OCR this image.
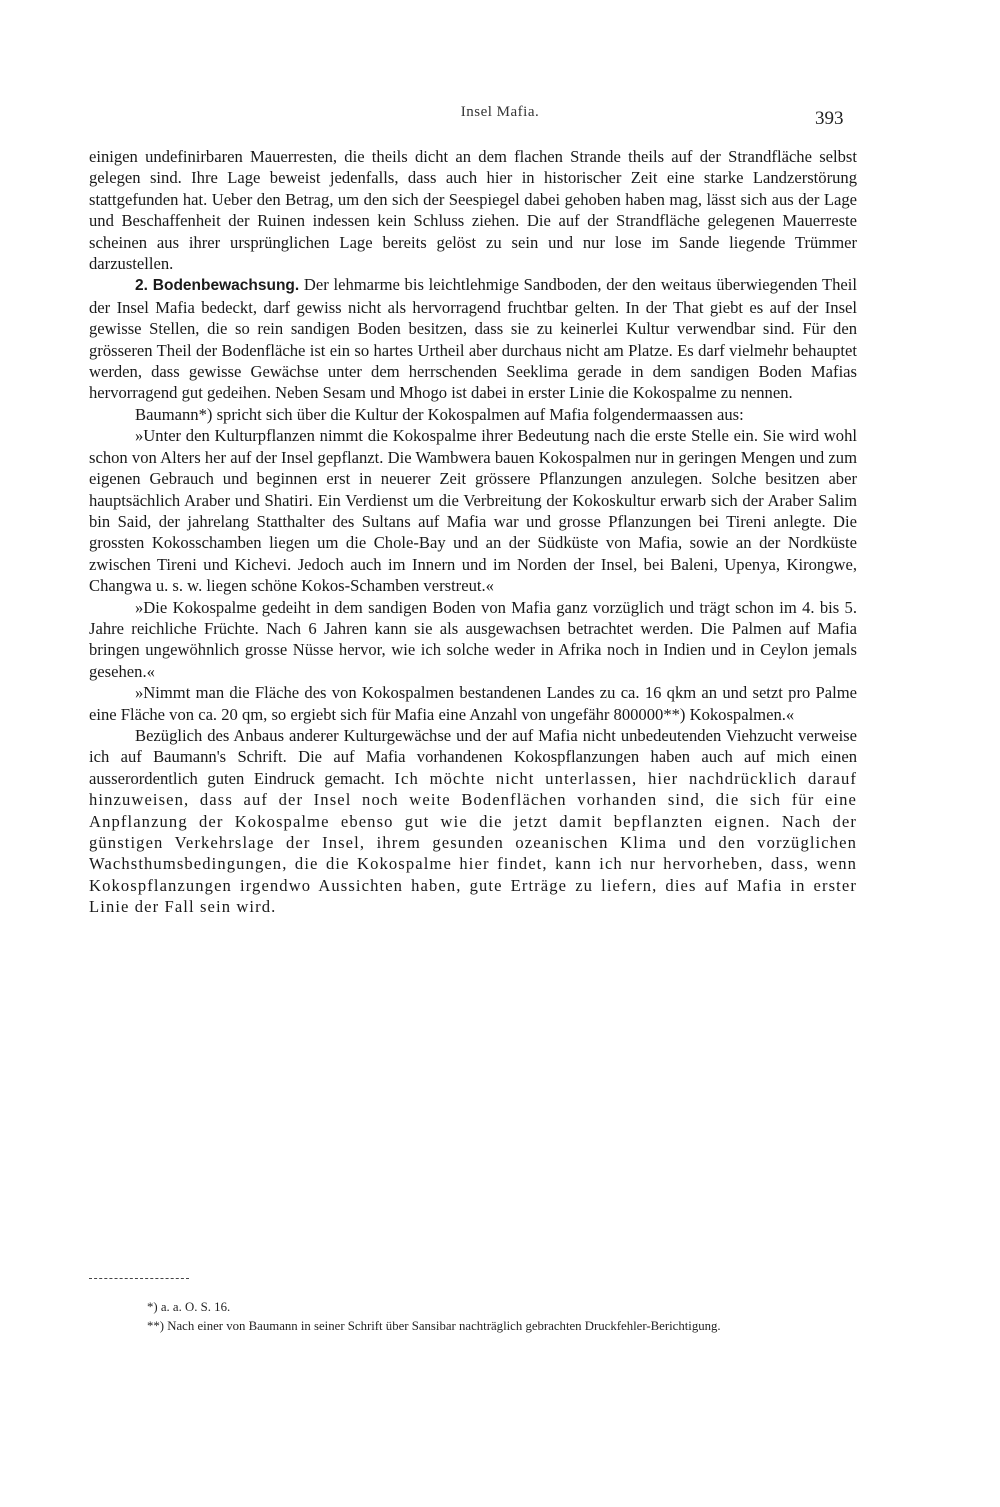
Insel Mafia.	393

einigen undefinirbaren Mauerresten, die theils dicht an dem flachen Strande theils auf der Strandfläche selbst gelegen sind. Ihre Lage beweist jedenfalls, dass auch hier in historischer Zeit eine starke Landzerstörung stattgefunden hat. Ueber den Betrag, um den sich der Seespiegel dabei gehoben haben mag, lässt sich aus der Lage und Beschaffenheit der Ruinen indessen kein Schluss ziehen. Die auf der Strandfläche gelegenen Mauerreste scheinen aus ihrer ursprünglichen Lage bereits gelöst zu sein und nur lose im Sande liegende Trümmer darzustellen.

2. Bodenbewachsung. Der lehmarme bis leichtlehmige Sandboden, der den weitaus überwiegenden Theil der Insel Mafia bedeckt, darf gewiss nicht als hervorragend fruchtbar gelten. In der That giebt es auf der Insel gewisse Stellen, die so rein sandigen Boden besitzen, dass sie zu keinerlei Kultur verwendbar sind. Für den grösseren Theil der Bodenfläche ist ein so hartes Urtheil aber durchaus nicht am Platze. Es darf vielmehr behauptet werden, dass gewisse Gewächse unter dem herrschenden Seeklima gerade in dem sandigen Boden Mafias hervorragend gut gedeihen. Neben Sesam und Mhogo ist dabei in erster Linie die Kokospalme zu nennen.

Baumann*) spricht sich über die Kultur der Kokospalmen auf Mafia folgendermaassen aus:

»Unter den Kulturpflanzen nimmt die Kokospalme ihrer Bedeutung nach die erste Stelle ein. Sie wird wohl schon von Alters her auf der Insel gepflanzt. Die Wambwera bauen Kokospalmen nur in geringen Mengen und zum eigenen Gebrauch und beginnen erst in neuerer Zeit grössere Pflanzungen anzulegen. Solche besitzen aber hauptsächlich Araber und Shatiri. Ein Verdienst um die Verbreitung der Kokoskultur erwarb sich der Araber Salim bin Said, der jahrelang Statthalter des Sultans auf Mafia war und grosse Pflanzungen bei Tireni anlegte. Die grossten Kokosschamben liegen um die Chole-Bay und an der Südküste von Mafia, sowie an der Nordküste zwischen Tireni und Kichevi. Jedoch auch im Innern und im Norden der Insel, bei Baleni, Upenya, Kirongwe, Changwa u. s. w. liegen schöne Kokos-Schamben verstreut.«

»Die Kokospalme gedeiht in dem sandigen Boden von Mafia ganz vorzüglich und trägt schon im 4. bis 5. Jahre reichliche Früchte. Nach 6 Jahren kann sie als ausgewachsen betrachtet werden. Die Palmen auf Mafia bringen ungewöhnlich grosse Nüsse hervor, wie ich solche weder in Afrika noch in Indien und in Ceylon jemals gesehen.«

»Nimmt man die Fläche des von Kokospalmen bestandenen Landes zu ca. 16 qkm an und setzt pro Palme eine Fläche von ca. 20 qm, so ergiebt sich für Mafia eine Anzahl von ungefähr 800000**) Kokospalmen.«

Bezüglich des Anbaus anderer Kulturgewächse und der auf Mafia nicht unbedeutenden Viehzucht verweise ich auf Baumann's Schrift. Die auf Mafia vorhandenen Kokospflanzungen haben auch auf mich einen ausserordentlich guten Eindruck gemacht. Ich möchte nicht unterlassen, hier nachdrücklich darauf hinzuweisen, dass auf der Insel noch weite Bodenflächen vorhanden sind, die sich für eine Anpflanzung der Kokospalme ebenso gut wie die jetzt damit bepflanzten eignen. Nach der günstigen Verkehrslage der Insel, ihrem gesunden ozeanischen Klima und den vorzüglichen Wachsthumsbedingungen, die die Kokospalme hier findet, kann ich nur hervorheben, dass, wenn Kokospflanzungen irgendwo Aussichten haben, gute Erträge zu liefern, dies auf Mafia in erster Linie der Fall sein wird.

*) a. a. O. S. 16.

**) Nach einer von Baumann in seiner Schrift über Sansibar nachträglich gebrachten Druckfehler-Berichtigung.
